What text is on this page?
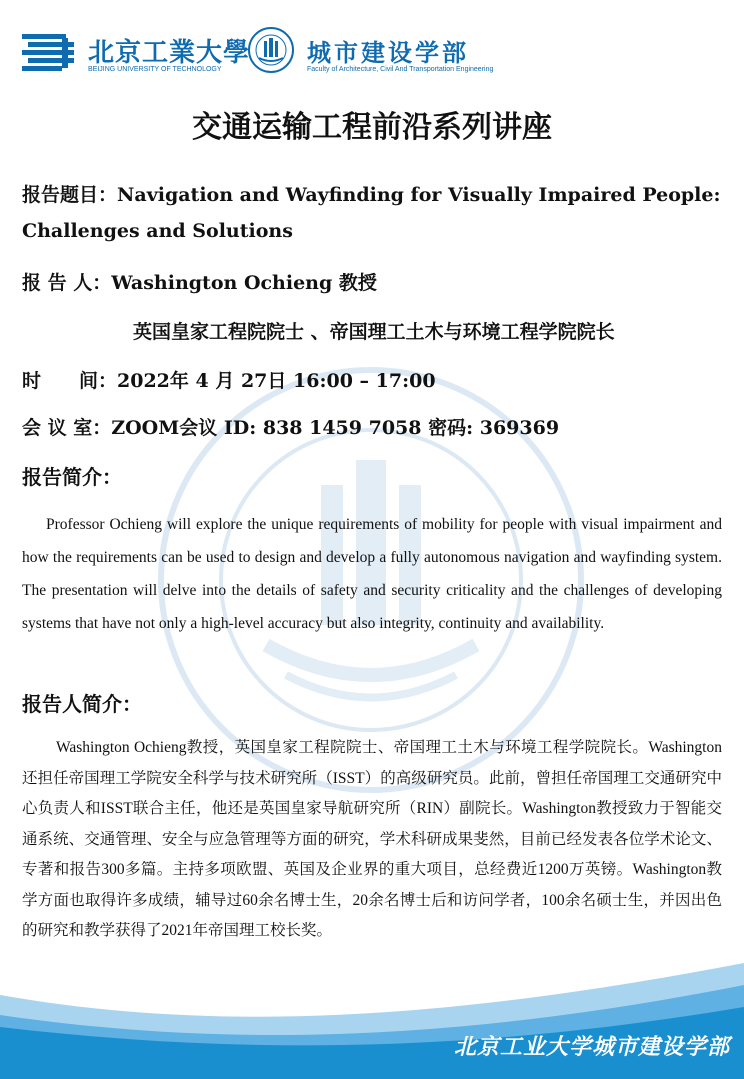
北京工業大學
BEIJING UNIVERSITY OF TECHNOLOGY
城市建设学部
Faculty of Architecture, Civil And Transportation Engineering
交通运输工程前沿系列讲座
报告题目：Navigation and Wayfinding for Visually Impaired People:
Challenges and Solutions
报 告 人：Washington Ochieng 教授
英国皇家工程院院士 、帝国理工土木与环境工程学院院长
时　　间：2022年 4 月 27日 16:00 – 17:00
会 议 室：ZOOM会议 ID: 838 1459 7058 密码: 369369
报告简介：
Professor Ochieng will explore the unique requirements of mobility for people with visual impairment and how the requirements can be used to design and develop a fully autonomous navigation and wayfinding system. The presentation will delve into the details of safety and security criticality and the challenges of developing systems that have not only a high-level accuracy but also integrity, continuity and availability.
报告人简介：
Washington Ochieng教授，英国皇家工程院院士、帝国理工土木与环境工程学院院长。Washington还担任帝国理工学院安全科学与技术研究所（ISST）的高级研究员。此前，曾担任帝国理工交通研究中心负责人和ISST联合主任，他还是英国皇家导航研究所（RIN）副院长。Washington教授致力于智能交通系统、交通管理、安全与应急管理等方面的研究，学术科研成果斐然，目前已经发表各位学术论文、专著和报告300多篇。主持多项欧盟、英国及企业界的重大项目，总经费近1200万英镑。Washington教学方面也取得许多成绩，辅导过60余名博士生，20余名博士后和访问学者，100余名硕士生，并因出色的研究和教学获得了2021年帝国理工校长奖。
北京工业大学城市建设学部
